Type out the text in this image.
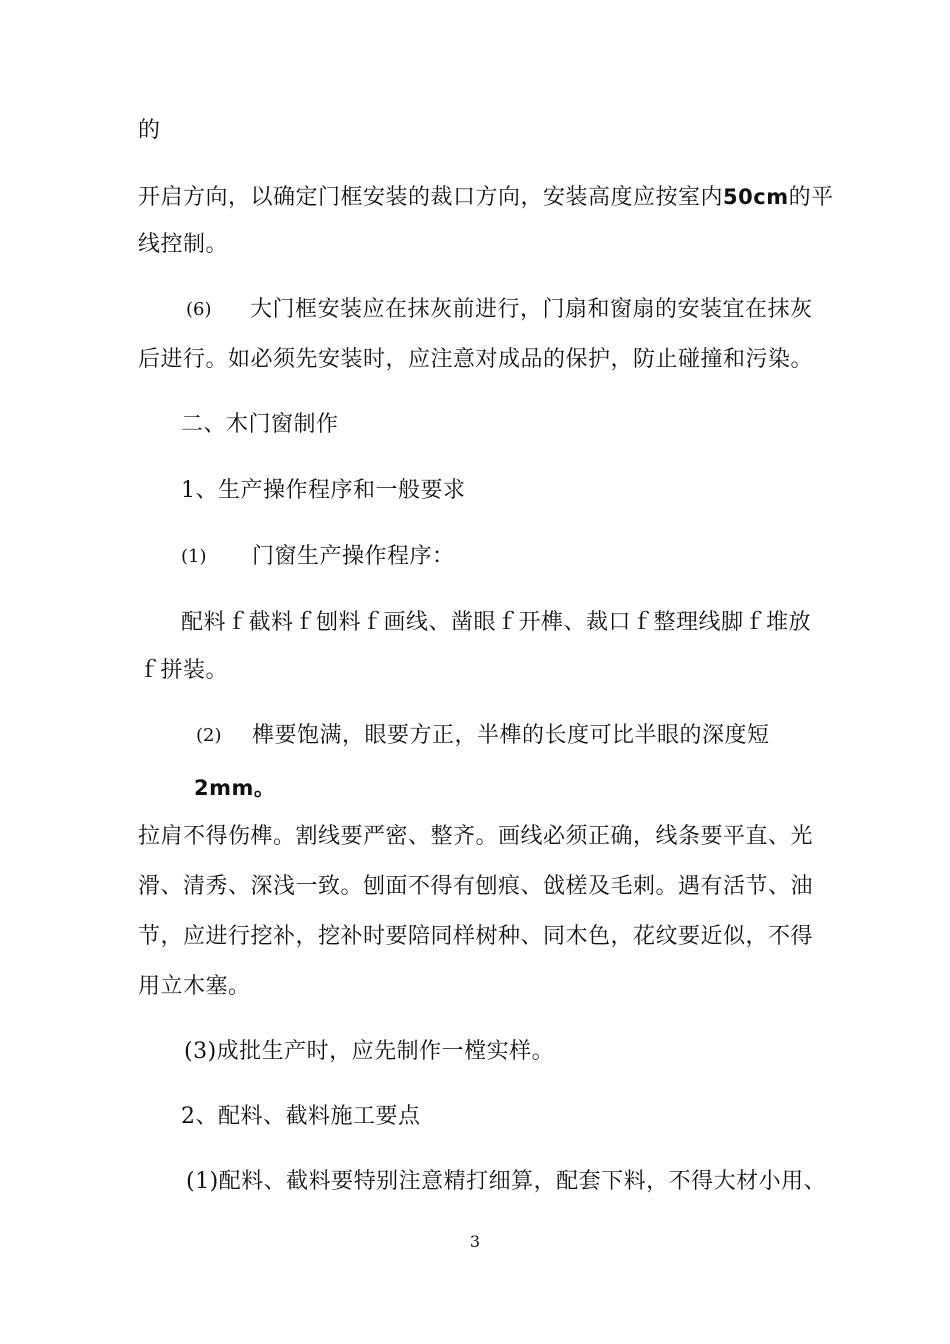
的
开启方向，以确定门框安装的裁口方向，安装高度应按室内50cm的平
线控制。
(6) 大门框安装应在抹灰前进行，门扇和窗扇的安装宜在抹灰
后进行。如必须先安装时，应注意对成品的保护，防止碰撞和污染。
二、木门窗制作
1、生产操作程序和一般要求
(1) 门窗生产操作程序：
配料ｆ截料ｆ刨料ｆ画线、凿眼ｆ开榫、裁口ｆ整理线脚ｆ堆放
ｆ拼装。
(2) 榫要饱满，眼要方正，半榫的长度可比半眼的深度短
2mm。
拉肩不得伤榫。割线要严密、整齐。画线必须正确，线条要平直、光
滑、清秀、深浅一致。刨面不得有刨痕、戗槎及毛刺。遇有活节、油
节，应进行挖补，挖补时要陪同样树种、同木色，花纹要近似，不得
用立木塞。
(3)成批生产时，应先制作一樘实样。
2、配料、截料施工要点
(1)配料、截料要特别注意精打细算，配套下料，不得大材小用、
3
